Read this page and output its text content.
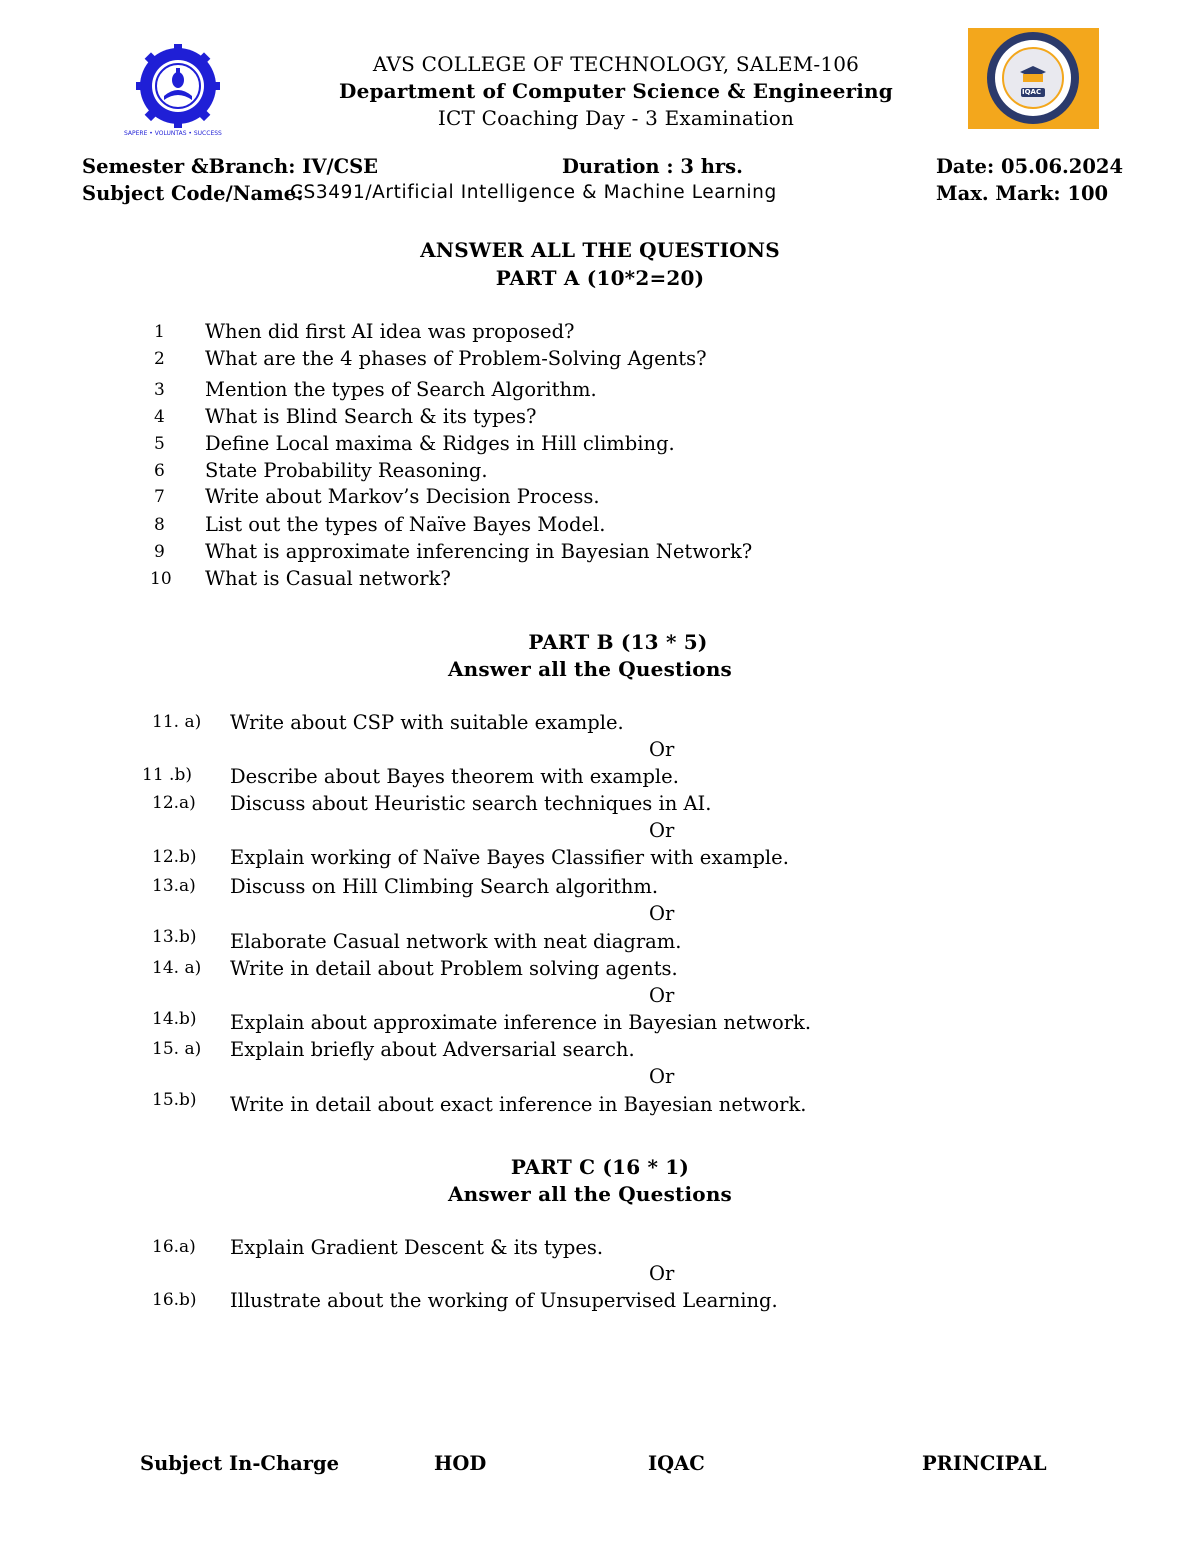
SAPERE • VOLUNTAS • SUCCESS
IQAC
AVS COLLEGE OF TECHNOLOGY, SALEM-106
Department of Computer Science & Engineering
ICT Coaching Day - 3 Examination
Semester &Branch: IV/CSE	Duration : 3 hrs.	Date: 05.06.2024
Subject Code/Name:
CS3491/Artificial Intelligence & Machine Learning	Max. Mark: 100
ANSWER ALL THE QUESTIONS
PART A (10*2=20)
1 When did first AI idea was proposed?
2 What are the 4 phases of Problem-Solving Agents?
3 Mention the types of Search Algorithm.
4 What is Blind Search & its types?
5 Define Local maxima & Ridges in Hill climbing.
6 State Probability Reasoning.
7 Write about Markov’s Decision Process.
8 List out the types of Naïve Bayes Model.
9 What is approximate inferencing in Bayesian Network?
10 What is Casual network?
PART B (13 * 5)
Answer all the Questions
11. a) Write about CSP with suitable example.
Or
11 .b) Describe about Bayes theorem with example.
12.a) Discuss about Heuristic search techniques in AI.
Or
12.b) Explain working of Naïve Bayes Classifier with example.
13.a) Discuss on Hill Climbing Search algorithm.
Or
13.b) Elaborate Casual network with neat diagram.
14. a) Write in detail about Problem solving agents.
Or
14.b) Explain about approximate inference in Bayesian network.
15. a) Explain briefly about Adversarial search.
Or
15.b) Write in detail about exact inference in Bayesian network.
PART C (16 * 1)
Answer all the Questions
16.a) Explain Gradient Descent & its types.
Or
16.b) Illustrate about the working of Unsupervised Learning.
Subject In-Charge	HOD	IQAC	PRINCIPAL
